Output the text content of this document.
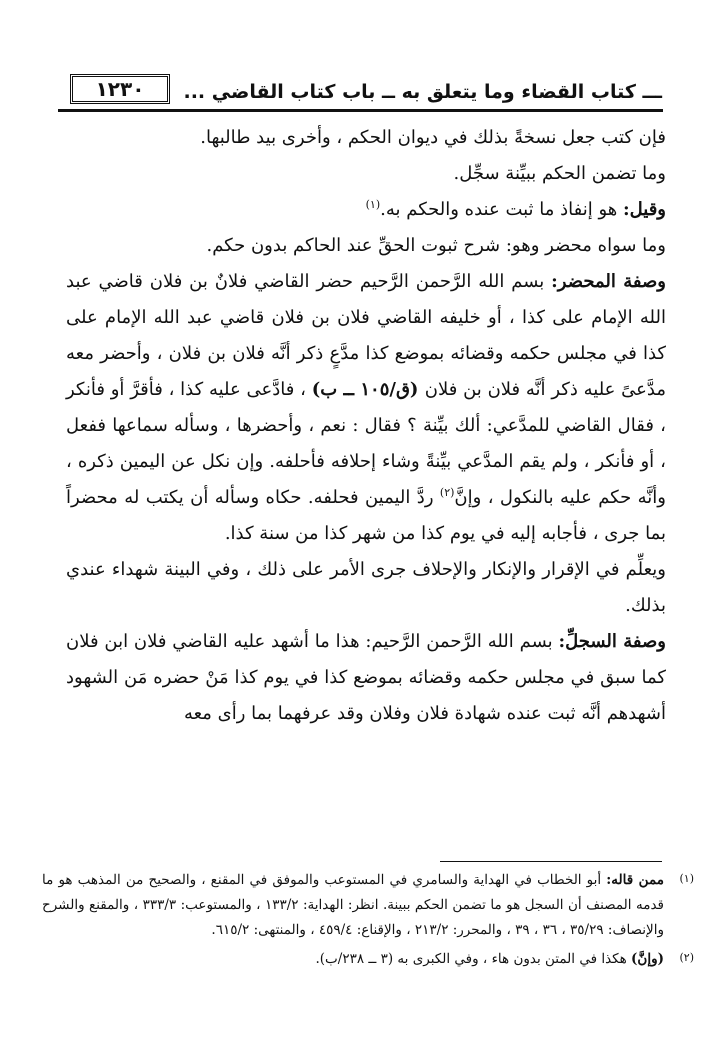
١٢٣٠	ـــ كتاب القضاء وما يتعلق به ــ باب كتاب القاضي ...

فإن كتب جعل نسخةً بذلك في ديوان الحكم ، وأخرى بيد طالبها.

وما تضمن الحكم ببيِّنة سجِّل.

وقيل: هو إنفاذ ما ثبت عنده والحكم به.$^{(١)}$

وما سواه محضر وهو: شرح ثبوت الحقِّ عند الحاكم بدون حكم.

وصفة المحضر: بسم الله الرَّحمن الرَّحيم حضر القاضي فلانٌ بن فلان قاضي عبد الله الإمام على كذا ، أو خليفه القاضي فلان بن فلان قاضي عبد الله الإمام على كذا في مجلس حكمه وقضائه بموضع كذا مدَّعٍ ذكر أنَّه فلان بن فلان ، وأحضر معه مدَّعىً عليه ذكر أنَّه فلان بن فلان (ق/١٠٥ ــ ب) ، فادَّعى عليه كذا ، فأقرَّ أو فأنكر ، فقال القاضي للمدَّعي: ألك بيِّنة ؟ فقال : نعم ، وأحضرها ، وسأله سماعها ففعل ، أو فأنكر ، ولم يقم المدَّعي بيِّنةً وشاء إحلافه فأحلفه. وإن نكل عن اليمين ذكره ، وأنَّه حكم عليه بالنكول ، وإنَّ$^{(٢)}$ ردَّ اليمين فحلفه. حكاه وسأله أن يكتب له محضراً بما جرى ، فأجابه إليه في يوم كذا من شهر كذا من سنة كذا.

ويعلِّم في الإقرار والإنكار والإحلاف جرى الأمر على ذلك ، وفي البينة شهداء عندي بذلك.

وصفة السجلِّ: بسم الله الرَّحمن الرَّحيم: هذا ما أشهد عليه القاضي فلان ابن فلان كما سبق في مجلس حكمه وقضائه بموضع كذا في يوم كذا مَنْ حضره مَن الشهود أشهدهم أنَّه ثبت عنده شهادة فلان وفلان وقد عرفهما بما رأى معه

(١)
ممن قاله: أبو الخطاب في الهداية والسامري في المستوعب والموفق في المقنع ، والصحيح من المذهب هو ما قدمه المصنف أن السجل هو ما تضمن الحكم ببينة. انظر: الهداية: ١٣٣/٢ ، والمستوعب: ٣٣٣/٣ ، والمقنع والشرح والإنصاف: ٣٥/٢٩ ، ٣٦ ، ٣٩ ، والمحرر: ٢١٣/٢ ، والإقناع: ٤٥٩/٤ ، والمنتهى: ٦١٥/٢.
(٢)
(وإنَّ) هكذا في المتن بدون هاء ، وفي الكبرى به (٣ ــ ٢٣٨/ب).
